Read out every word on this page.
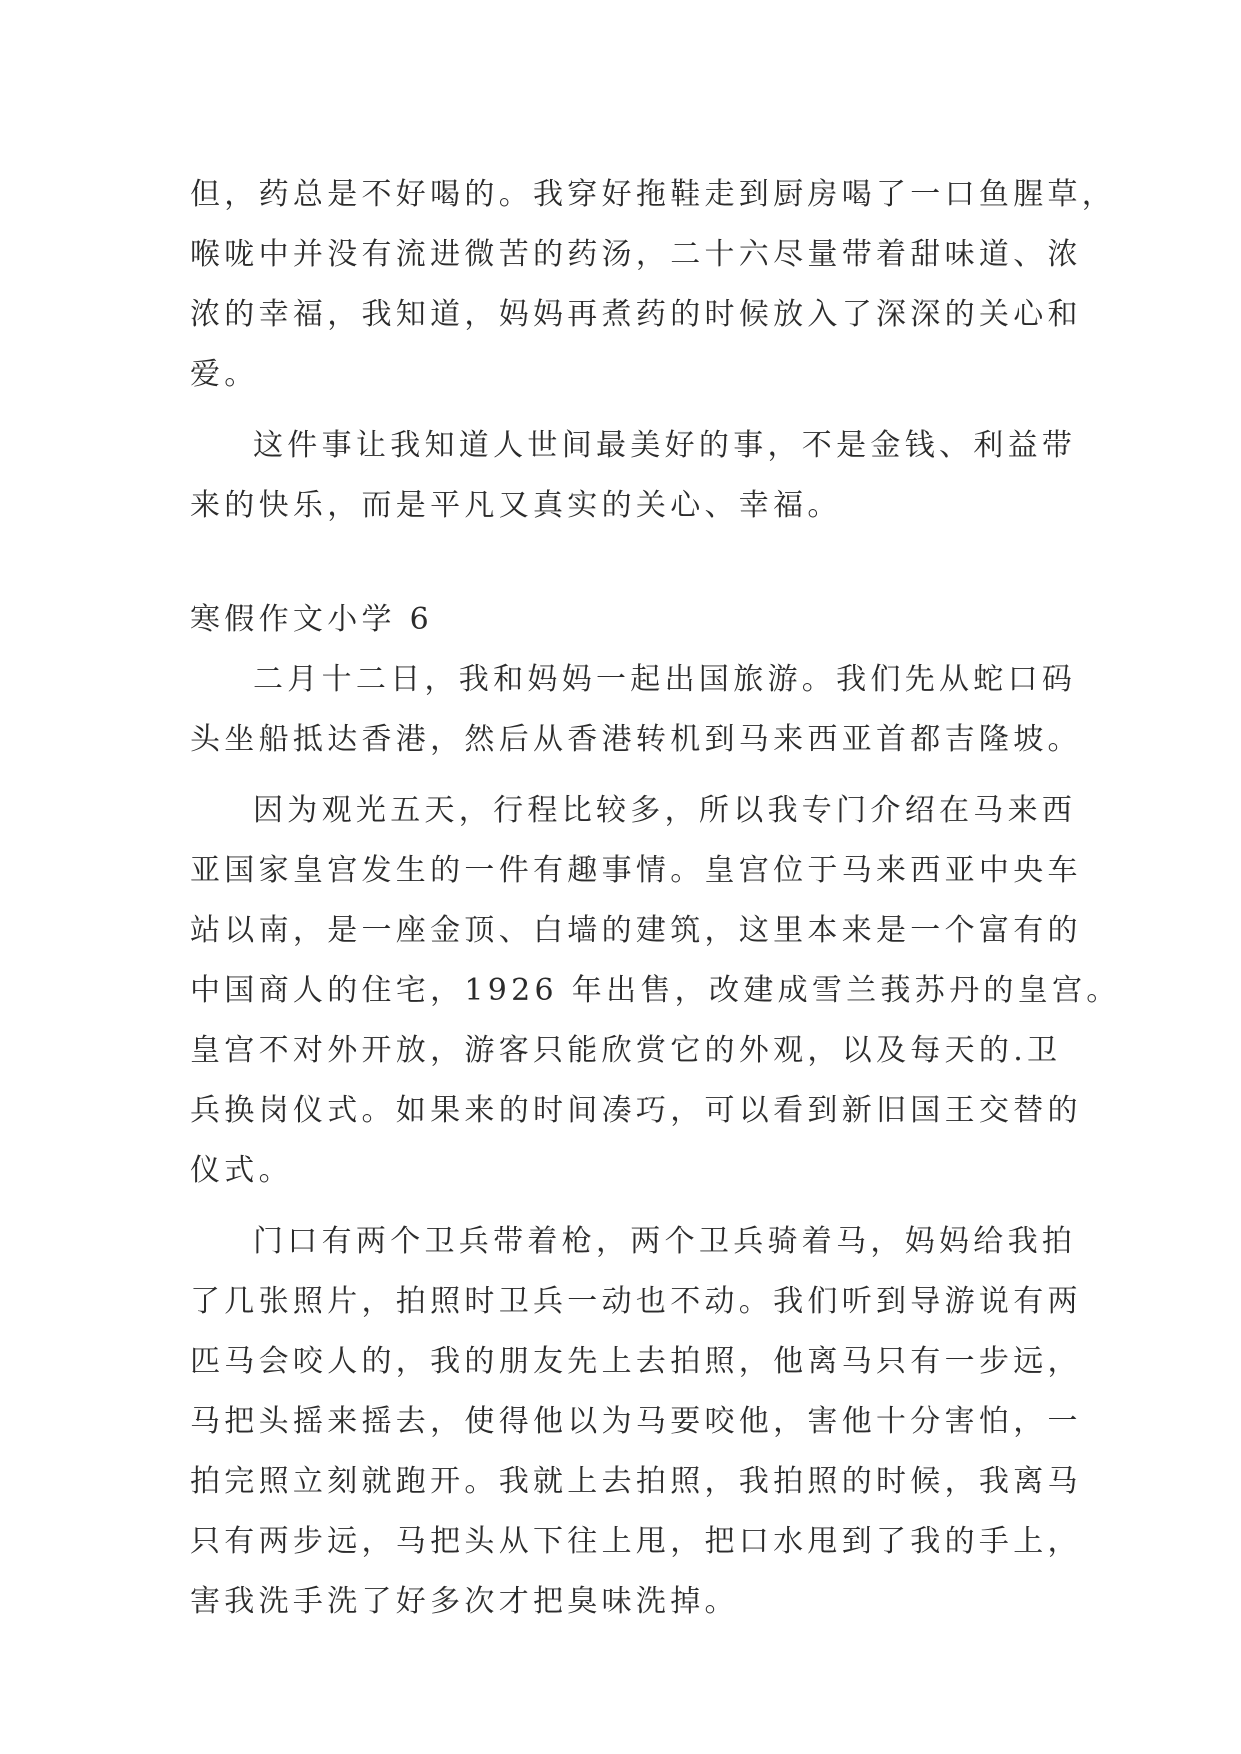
但，药总是不好喝的。我穿好拖鞋走到厨房喝了一口鱼腥草，
喉咙中并没有流进微苦的药汤，二十六尽量带着甜味道、浓
浓的幸福，我知道，妈妈再煮药的时候放入了深深的关心和
爱。
这件事让我知道人世间最美好的事，不是金钱、利益带
来的快乐，而是平凡又真实的关心、幸福。
寒假作文小学 6
二月十二日，我和妈妈一起出国旅游。我们先从蛇口码
头坐船抵达香港，然后从香港转机到马来西亚首都吉隆坡。
因为观光五天，行程比较多，所以我专门介绍在马来西
亚国家皇宫发生的一件有趣事情。皇宫位于马来西亚中央车
站以南，是一座金顶、白墙的建筑，这里本来是一个富有的
中国商人的住宅，1926 年出售，改建成雪兰莪苏丹的皇宫。
皇宫不对外开放，游客只能欣赏它的外观，以及每天的.卫
兵换岗仪式。如果来的时间凑巧，可以看到新旧国王交替的
仪式。
门口有两个卫兵带着枪，两个卫兵骑着马，妈妈给我拍
了几张照片，拍照时卫兵一动也不动。我们听到导游说有两
匹马会咬人的，我的朋友先上去拍照，他离马只有一步远，
马把头摇来摇去，使得他以为马要咬他，害他十分害怕，一
拍完照立刻就跑开。我就上去拍照，我拍照的时候，我离马
只有两步远，马把头从下往上甩，把口水甩到了我的手上，
害我洗手洗了好多次才把臭味洗掉。
